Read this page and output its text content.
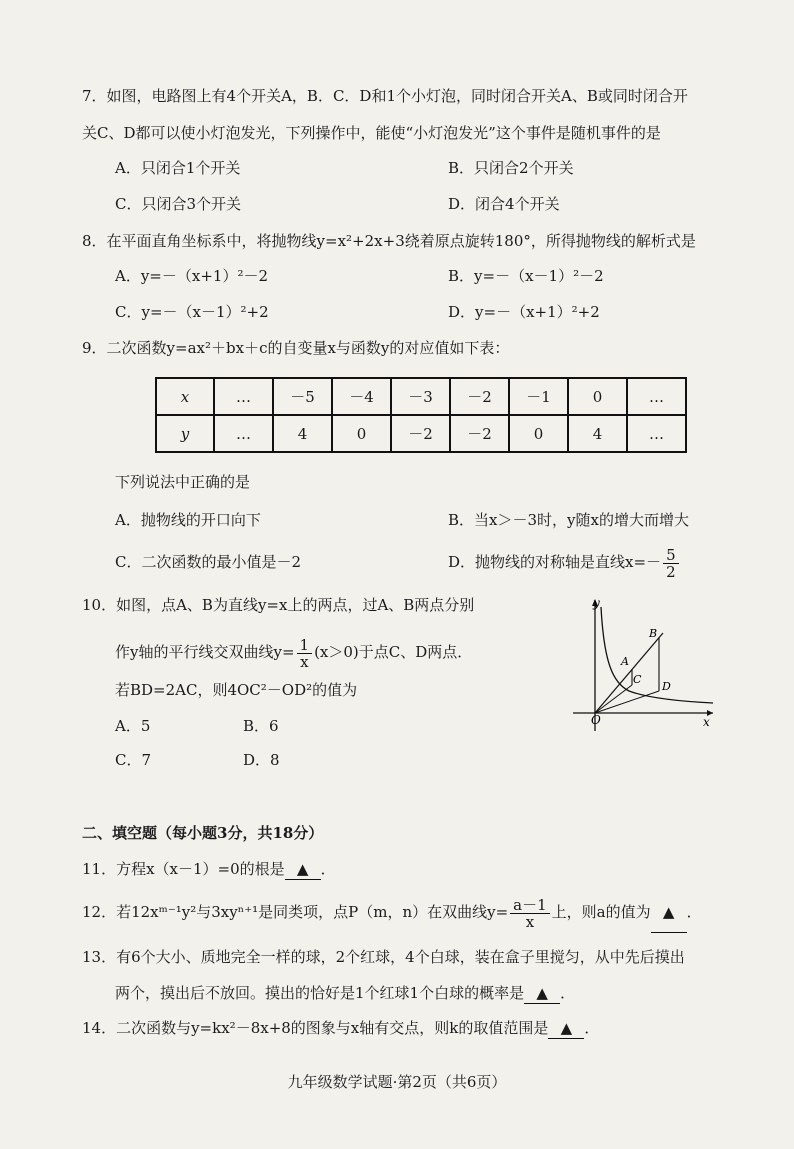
7．如图，电路图上有4个开关A，B．C．D和1个小灯泡，同时闭合开关A、B或同时闭合开
关C、D都可以使小灯泡发光，下列操作中，能使“小灯泡发光”这个事件是随机事件的是
A．只闭合1个开关	B．只闭合2个开关
C．只闭合3个开关	D．闭合4个开关
8．在平面直角坐标系中，将抛物线y=x²+2x+3绕着原点旋转180°，所得抛物线的解析式是
A．y=－（x+1）²－2	B．y=－（x－1）²－2
C．y=－（x－1）²+2	D．y=－（x+1）²+2
9．二次函数y=ax²＋bx＋c的自变量x与函数y的对应值如下表：
x	…	－5	－4	－3	－2	－1	0	…
y	…	4	0	－2	－2	0	4	…
下列说法中正确的是
A．抛物线的开口向下	B．当x＞－3时，y随x的增大而增大
C．二次函数的最小值是－2	D．抛物线的对称轴是直线$x=- \frac{5}{2}$
10．如图，点A、B为直线y=x上的两点，过A、B两点分别
作y轴的平行线交双曲线$y= \frac{1}{x} (x>0)$于点C、D两点．
若BD=2AC，则4OC²－OD²的值为
A．5	B．6
C．7	D．8
y
x
O
A
B
C
D
二、填空题（每小题3分，共18分）
11．方程x（x－1）=0的根是 ▲ ．
12．若12xᵐ⁻¹y²与3xyⁿ⁺¹是同类项，点P（m，n）在双曲线$y= \frac{a-1}{x}$ 上，则a的值为 ▲ ．
13．有6个大小、质地完全一样的球，2个红球，4个白球，装在盒子里搅匀，从中先后摸出
两个，摸出后不放回。摸出的恰好是1个红球1个白球的概率是 ▲ ．
14．二次函数与y=kx²－8x+8的图象与x轴有交点，则k的取值范围是 ▲ ．
九年级数学试题·第2页（共6页）
